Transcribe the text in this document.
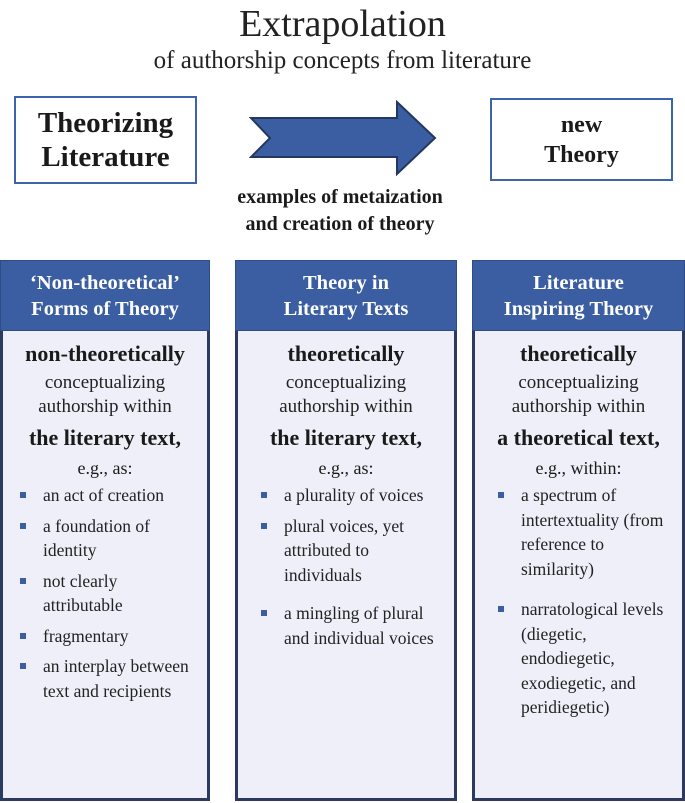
Extrapolation
of authorship concepts from literature
Theorizing
Literature
new
Theory
examples of metaization
and creation of theory
‘Non-theoretical’
Forms of Theory
non-theoretically
conceptualizing
authorship within
the literary text,
e.g., as:
an act of creation
a foundation of identity
not clearly attributable
fragmentary
an interplay between text and recipients
Theory in
Literary Texts
theoretically
conceptualizing
authorship within
the literary text,
e.g., as:
a plurality of voices
plural voices, yet attributed to individuals
a mingling of plural and individual voices
Literature
Inspiring Theory
theoretically
conceptualizing
authorship within
a theoretical text,
e.g., within:
a spectrum of intertextuality (from reference to similarity)
narratological levels (diegetic, endodiegetic, exodiegetic, and peridiegetic)
